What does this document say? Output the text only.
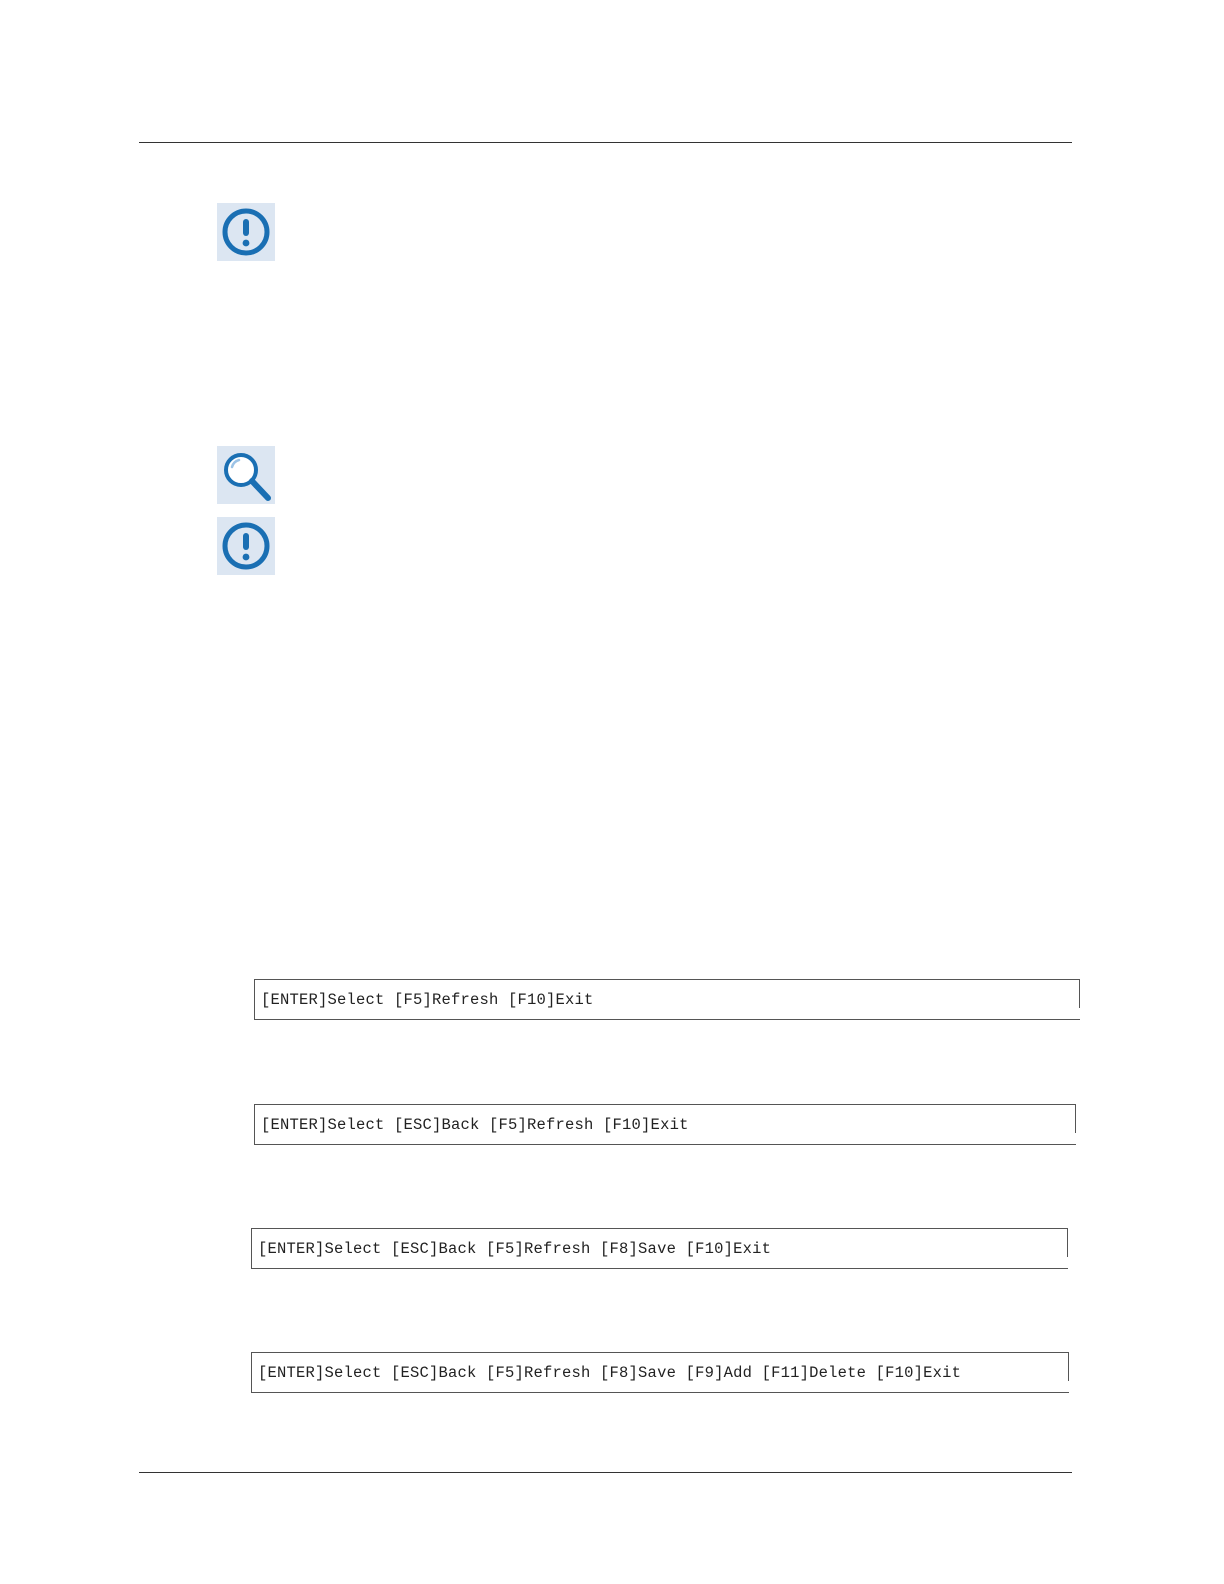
[ENTER]Select [F5]Refresh [F10]Exit
[ENTER]Select [ESC]Back [F5]Refresh [F10]Exit
[ENTER]Select [ESC]Back [F5]Refresh [F8]Save [F10]Exit
[ENTER]Select [ESC]Back [F5]Refresh [F8]Save [F9]Add [F11]Delete [F10]Exit
